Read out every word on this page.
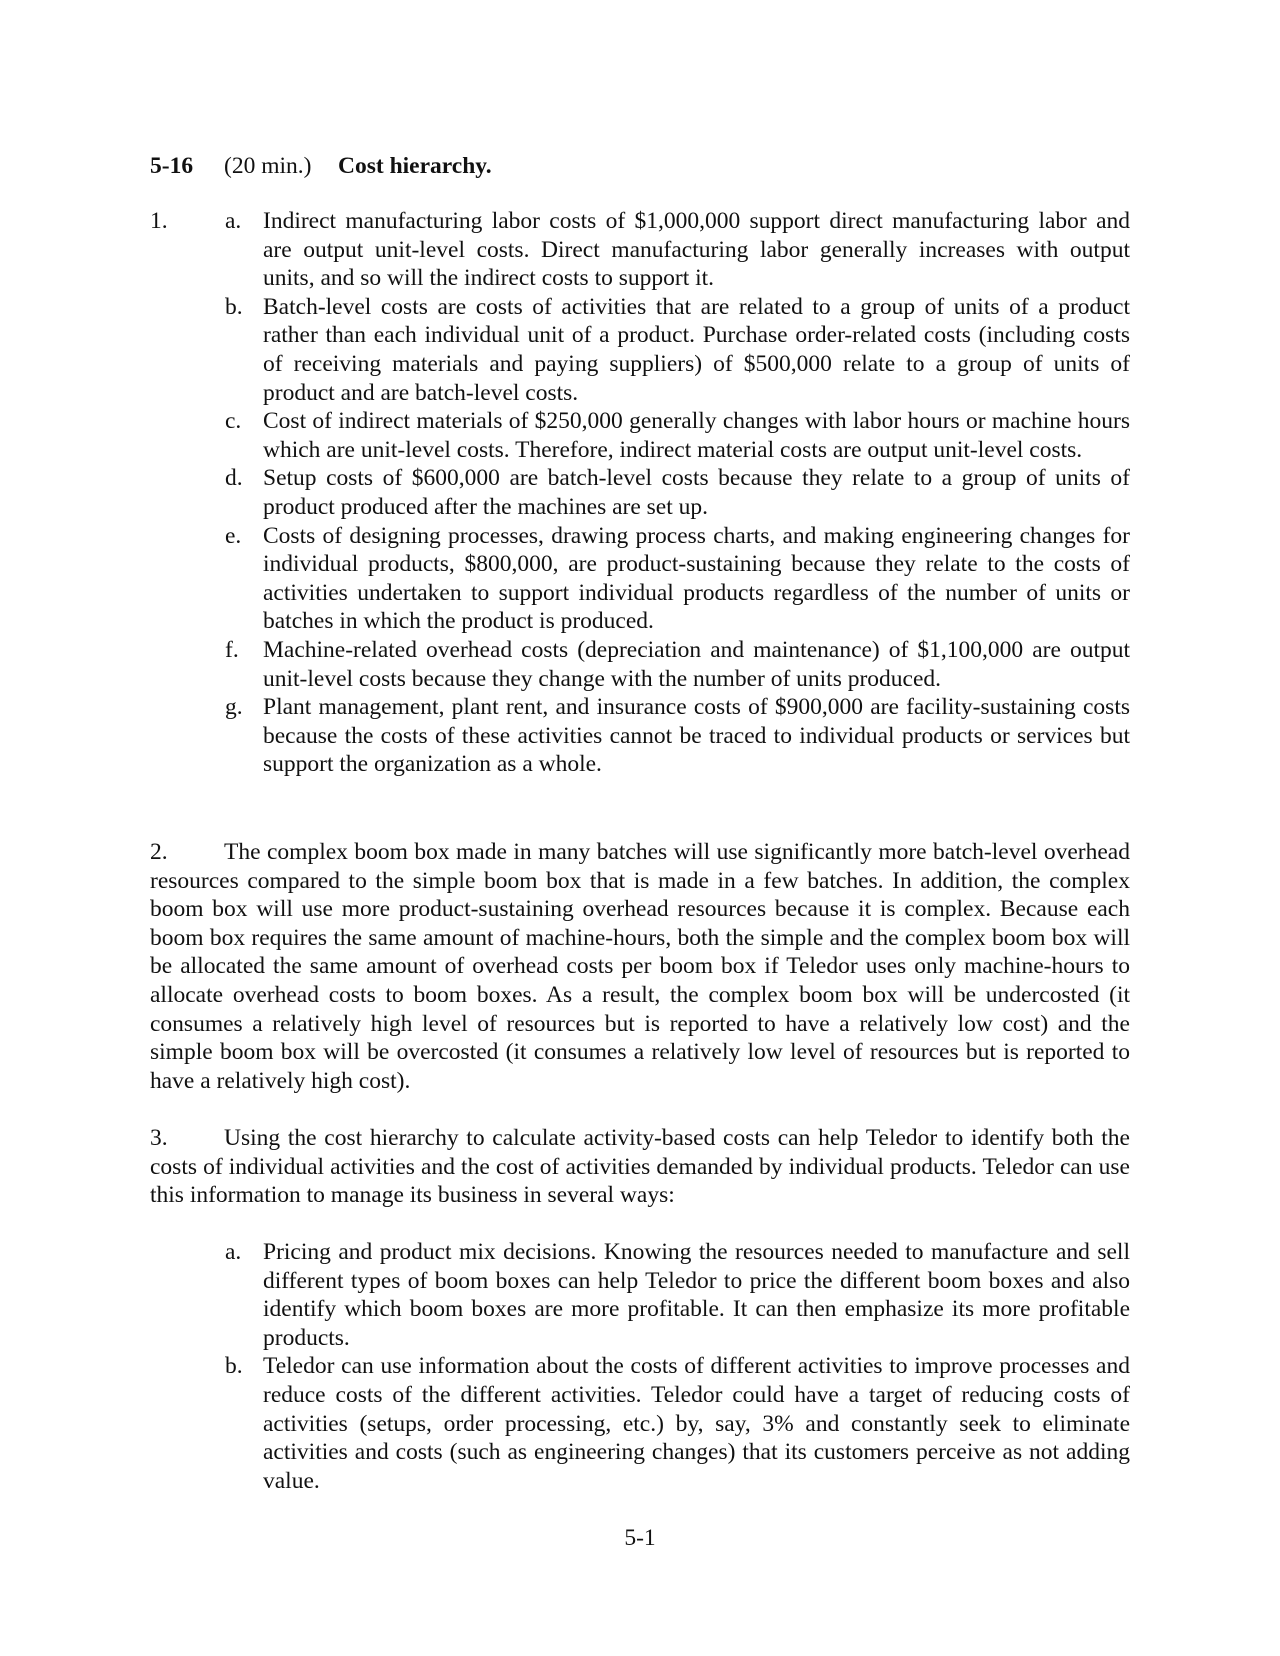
5-16 (20 min.) Cost hierarchy.
1. a. Indirect manufacturing labor costs of $1,000,000 support direct manufacturing labor and are output unit-level costs. Direct manufacturing labor generally increases with output units, and so will the indirect costs to support it.
b. Batch-level costs are costs of activities that are related to a group of units of a product rather than each individual unit of a product. Purchase order-related costs (including costs of receiving materials and paying suppliers) of $500,000 relate to a group of units of product and are batch-level costs.
c. Cost of indirect materials of $250,000 generally changes with labor hours or machine hours which are unit-level costs. Therefore, indirect material costs are output unit-level costs.
d. Setup costs of $600,000 are batch-level costs because they relate to a group of units of product produced after the machines are set up.
e. Costs of designing processes, drawing process charts, and making engineering changes for individual products, $800,000, are product-sustaining because they relate to the costs of activities undertaken to support individual products regardless of the number of units or batches in which the product is produced.
f. Machine-related overhead costs (depreciation and maintenance) of $1,100,000 are output unit-level costs because they change with the number of units produced.
g. Plant management, plant rent, and insurance costs of $900,000 are facility-sustaining costs because the costs of these activities cannot be traced to individual products or services but support the organization as a whole.

2. The complex boom box made in many batches will use significantly more batch-level overhead resources compared to the simple boom box that is made in a few batches. In addition, the complex boom box will use more product-sustaining overhead resources because it is complex. Because each boom box requires the same amount of machine-hours, both the simple and the complex boom box will be allocated the same amount of overhead costs per boom box if Teledor uses only machine-hours to allocate overhead costs to boom boxes. As a result, the complex boom box will be undercosted (it consumes a relatively high level of resources but is reported to have a relatively low cost) and the simple boom box will be overcosted (it consumes a relatively low level of resources but is reported to have a relatively high cost).

3. Using the cost hierarchy to calculate activity-based costs can help Teledor to identify both the costs of individual activities and the cost of activities demanded by individual products. Teledor can use this information to manage its business in several ways:

a. Pricing and product mix decisions. Knowing the resources needed to manufacture and sell different types of boom boxes can help Teledor to price the different boom boxes and also identify which boom boxes are more profitable. It can then emphasize its more profitable products.
b. Teledor can use information about the costs of different activities to improve processes and reduce costs of the different activities. Teledor could have a target of reducing costs of activities (setups, order processing, etc.) by, say, 3% and constantly seek to eliminate activities and costs (such as engineering changes) that its customers perceive as not adding value.
5-1
